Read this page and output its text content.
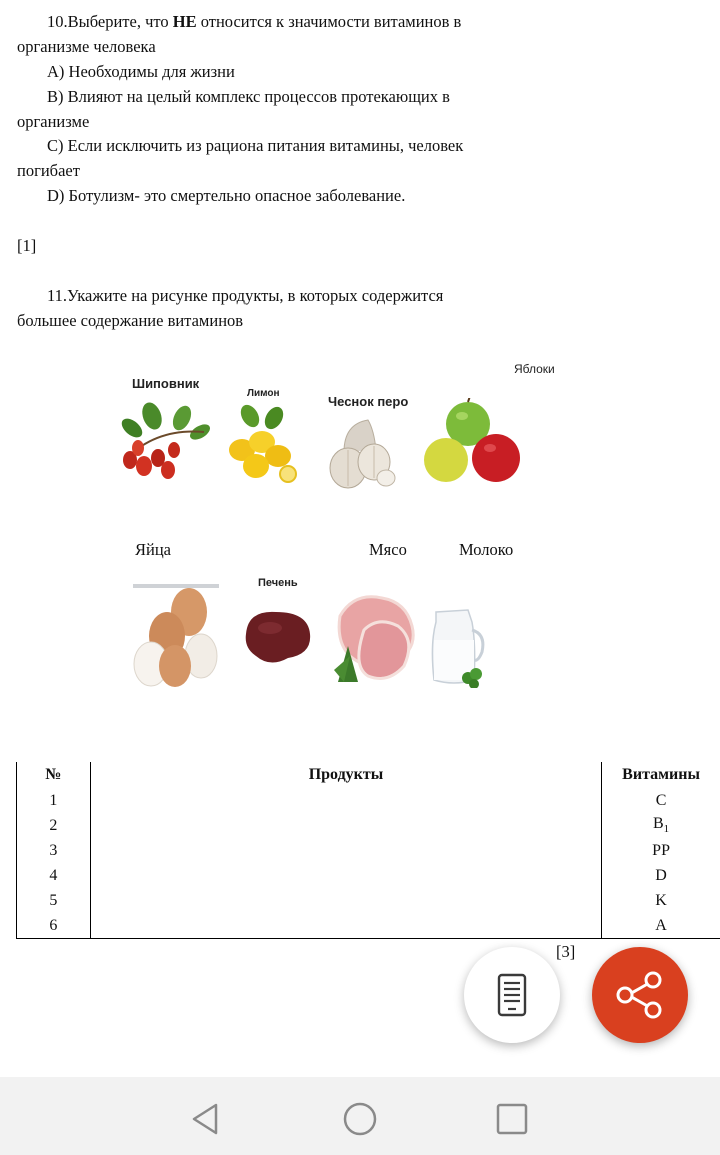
10.Выберите, что НЕ относится к значимости витаминов в
организме человека
A) Необходимы для жизни
B) Влияют на целый комплекс процессов протекающих в
организме
C) Если исключить из рациона питания витамины, человек
погибает
D) Ботулизм- это смертельно опасное заболевание.
[1]
11.Укажите на рисунке продукты, в которых содержится
большее содержание витаминов
Шиповник
Лимон
Чеснок перо
Яблоки
Яйца	Мясо	Молоко
Печень
№	Продукты	Витамины
1		C
2		$B_1$
3		PP
4		D
5		K
6		A
[3]
